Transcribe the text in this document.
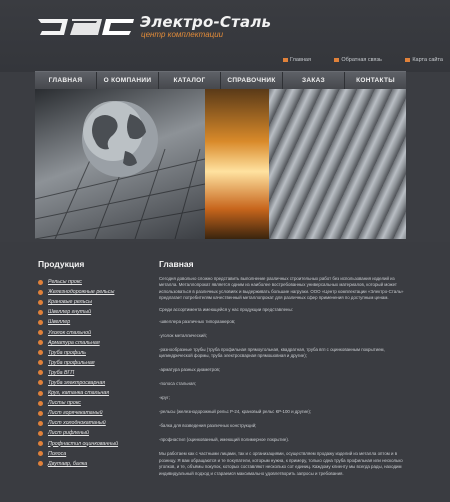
Электро-Сталь
центр комплектации
Главная	Обратная связь	Карта сайта
ГЛАВНАЯ	О КОМПАНИИ	КАТАЛОГ	СПРАВОЧНИК	ЗАКАЗ	КОНТАКТЫ
Продукция
Рельсы прокс
Железнодорожные рельсы
Крановые рельсы
Швеллер гнутый
Швеллер
Уголок стальной
Арматура стальная
Труба профиль
Труба профильная
Труба ВГП
Труба электросварная
Круг, катанка стальная
Листы прокс
Лист горячекатаный
Лист холоднокатаный
Лист рифленый
Профнастил оцинкованный
Полоса
Двутавр, балка
Главная

Сегодня довольно сложно представить выполнение различных строительных работ без использования изделий из металла. Металлопрокат является одним из наиболее востребованных универсальных материалов, который может использоваться в различных условиях и выдерживать большие нагрузки. ООО «Центр комплектации «Электро-Сталь» предлагает потребителям качественный металлопрокат для различных сфер применения по доступным ценам.

Среди ассортимента имеющейся у нас продукции представлены:

-швеллера различных типоразмеров;

-уголок металлический;

-разнообразные трубы (труба профильная прямоугольная, квадратная, труба вгп с оцинкованным покрытием, цилиндрической формы, труба электросварная прямошовная и другие);

-арматура разных диаметров;

-полоса стальная;

-круг;

-рельсы (железнодорожный рельс Р-24, крановый рельс КР-100 и другие);

-балка для возведения различных конструкций;

-профнастил (оцинкованный, имеющий полимерное покрытие).

Мы работаем как с частными лицами, так и с организациями, осуществляем продажу изделий из металла оптом и в розницу. Я вам обращаются и те покупатели, которым нужна, к примеру, только одна труба профильная или несколько уголков, и те, объёмы покупок, которых составляют несколько сот единиц. Каждому клиенту мы всегда рады, находим индивидуальный подход и стараемся максимально удовлетворить запросы и требования.
